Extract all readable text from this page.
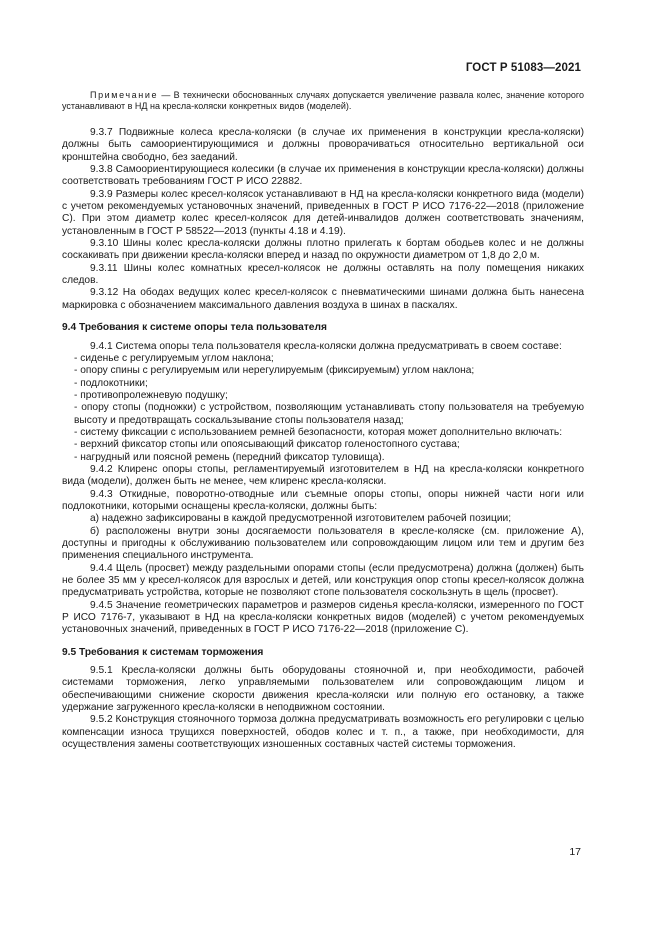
ГОСТ Р 51083—2021

Примечание — В технически обоснованных случаях допускается увеличение развала колес, значение которого устанавливают в НД на кресла-коляски конкретных видов (моделей).

9.3.7 Подвижные колеса кресла-коляски (в случае их применения в конструкции кресла-коляски) должны быть самоориентирующимися и должны проворачиваться относительно вертикальной оси кронштейна свободно, без заеданий.

9.3.8 Самоориентирующиеся колесики (в случае их применения в конструкции кресла-коляски) должны соответствовать требованиям ГОСТ Р ИСО 22882.

9.3.9 Размеры колес кресел-колясок устанавливают в НД на кресла-коляски конкретного вида (модели) с учетом рекомендуемых установочных значений, приведенных в ГОСТ Р ИСО 7176-22—2018 (приложение С). При этом диаметр колес кресел-колясок для детей-инвалидов должен соответствовать значениям, установленным в ГОСТ Р 58522—2013 (пункты 4.18 и 4.19).

9.3.10 Шины колес кресла-коляски должны плотно прилегать к бортам ободьев колес и не должны соскакивать при движении кресла-коляски вперед и назад по окружности диаметром от 1,8 до 2,0 м.

9.3.11 Шины колес комнатных кресел-колясок не должны оставлять на полу помещения никаких следов.

9.3.12 На ободах ведущих колес кресел-колясок с пневматическими шинами должна быть нанесена маркировка с обозначением максимального давления воздуха в шинах в паскалях.

9.4 Требования к системе опоры тела пользователя

9.4.1 Система опоры тела пользователя кресла-коляски должна предусматривать в своем составе:

- сиденье с регулируемым углом наклона;

- опору спины с регулируемым или нерегулируемым (фиксируемым) углом наклона;

- подлокотники;

- противопролежневую подушку;

- опору стопы (подножки) с устройством, позволяющим устанавливать стопу пользователя на требуемую высоту и предотвращать соскальзывание стопы пользователя назад;

- систему фиксации с использованием ремней безопасности, которая может дополнительно включать:

- верхний фиксатор стопы или опоясывающий фиксатор голеностопного сустава;

- нагрудный или поясной ремень (передний фиксатор туловища).

9.4.2 Клиренс опоры стопы, регламентируемый изготовителем в НД на кресла-коляски конкретного вида (модели), должен быть не менее, чем клиренс кресла-коляски.

9.4.3 Откидные, поворотно-отводные или съемные опоры стопы, опоры нижней части ноги или подлокотники, которыми оснащены кресла-коляски, должны быть:

а) надежно зафиксированы в каждой предусмотренной изготовителем рабочей позиции;

б) расположены внутри зоны досягаемости пользователя в кресле-коляске (см. приложение А), доступны и пригодны к обслуживанию пользователем или сопровождающим лицом или тем и другим без применения специального инструмента.

9.4.4 Щель (просвет) между раздельными опорами стопы (если предусмотрена) должна (должен) быть не более 35 мм у кресел-колясок для взрослых и детей, или конструкция опор стопы кресел-колясок должна предусматривать устройства, которые не позволяют стопе пользователя соскользнуть в щель (просвет).

9.4.5 Значение геометрических параметров и размеров сиденья кресла-коляски, измеренного по ГОСТ Р ИСО 7176-7, указывают в НД на кресла-коляски конкретных видов (моделей) с учетом рекомендуемых установочных значений, приведенных в ГОСТ Р ИСО 7176-22—2018 (приложение С).

9.5 Требования к системам торможения

9.5.1 Кресла-коляски должны быть оборудованы стояночной и, при необходимости, рабочей системами торможения, легко управляемыми пользователем или сопровождающим лицом и обеспечивающими снижение скорости движения кресла-коляски или полную его остановку, а также удержание загруженного кресла-коляски в неподвижном состоянии.

9.5.2 Конструкция стояночного тормоза должна предусматривать возможность его регулировки с целью компенсации износа трущихся поверхностей, ободов колес и т. п., а также, при необходимости, для осуществления замены соответствующих изношенных составных частей системы торможения.

17
